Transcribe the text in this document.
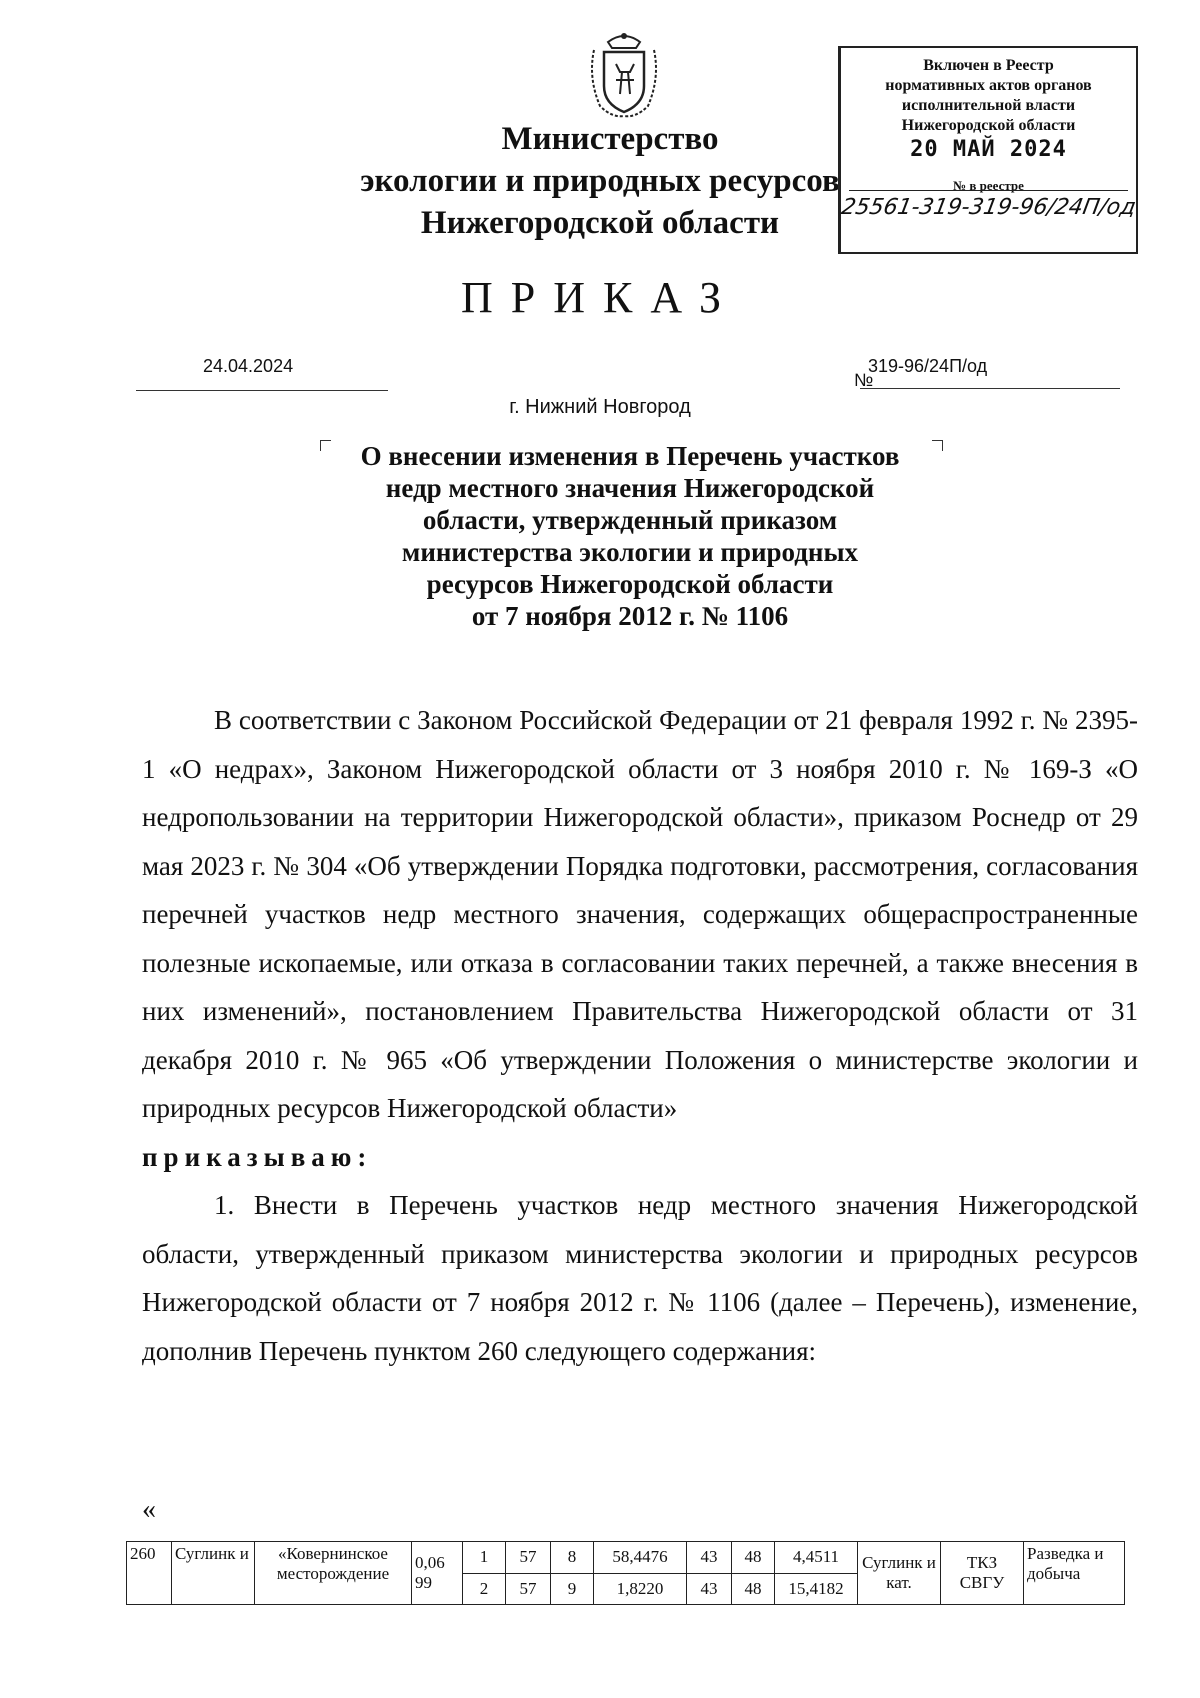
Министерство
экологии и природных ресурсов
Нижегородской области
Включен в Реестр
нормативных актов органов
исполнительной власти
Нижегородской области
20 МАЙ 2024
№ в реестре
25561-319-319-96/24П/од
ПРИКАЗ
24.04.2024
№
319-96/24П/од
г. Нижний Новгород
О внесении изменения в Перечень участков
недр местного значения Нижегородской
области, утвержденный приказом
министерства экологии и природных
ресурсов Нижегородской области
от 7 ноября 2012 г. № 1106

В соответствии с Законом Российской Федерации от 21 февраля 1992 г. № 2395-1 «О недрах», Законом Нижегородской области от 3 ноября 2010 г. № 169-З «О недропользовании на территории Нижегородской области», приказом Роснедр от 29 мая 2023 г. № 304 «Об утверждении Порядка подготовки, рассмотрения, согласования перечней участков недр местного значения, содержащих общераспространенные полезные ископаемые, или отказа в согласовании таких перечней, а также внесения в них изменений», постановлением Правительства Нижегородской области от 31 декабря 2010 г. № 965 «Об утверждении Положения о министерстве экологии и природных ресурсов Нижегородской области»

приказываю:

1. Внести в Перечень участков недр местного значения Нижегородской области, утвержденный приказом министерства экологии и природных ресурсов Нижегородской области от 7 ноября 2012 г. № 1106 (далее – Перечень), изменение, дополнив Перечень пунктом 260 следующего содержания:

«
260	Суглинк и	«Ковернинское месторождение	0,06 99	1	57	8	58,4476	43	48	4,4511	Суглинк и кат.	ТКЗ СВГУ	Разведка и добыча
				2	57	9	1,8220	43	48	15,4182			
